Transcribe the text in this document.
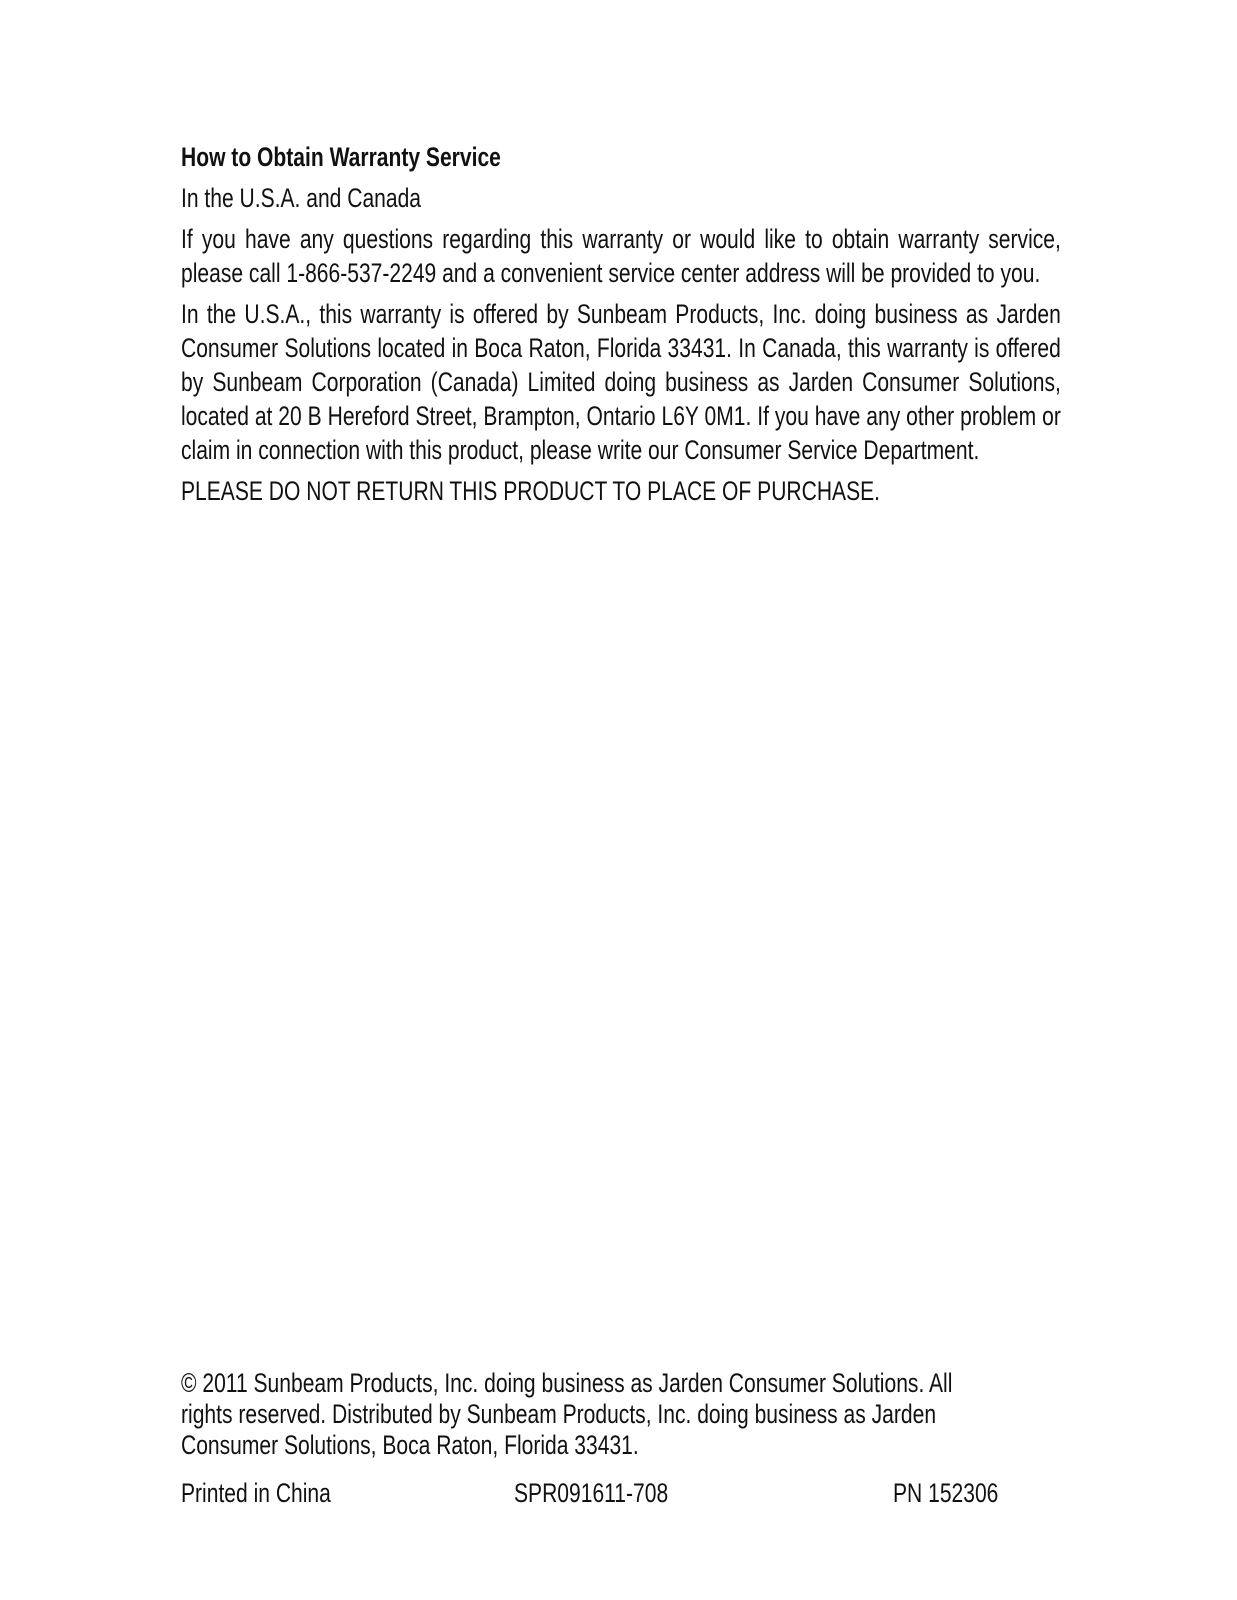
How to Obtain Warranty Service
In the U.S.A. and Canada
If you have any questions regarding this warranty or would like to obtain warranty service, please call 1-866-537-2249 and a convenient service center address will be provided to you.
In the U.S.A., this warranty is offered by Sunbeam Products, Inc. doing business as Jarden Consumer Solutions located in Boca Raton, Florida 33431. In Canada, this warranty is offered by Sunbeam Corporation (Canada) Limited doing business as Jarden Consumer Solutions, located at 20 B Hereford Street, Brampton, Ontario L6Y 0M1. If you have any other problem or claim in connection with this product, please write our Consumer Service Department.
PLEASE DO NOT RETURN THIS PRODUCT TO PLACE OF PURCHASE.

© 2011 Sunbeam Products, Inc. doing business as Jarden Consumer Solutions. All rights reserved. Distributed by Sunbeam Products, Inc. doing business as Jarden Consumer Solutions, Boca Raton, Florida 33431.

Printed in China	SPR091611-708	PN 152306
